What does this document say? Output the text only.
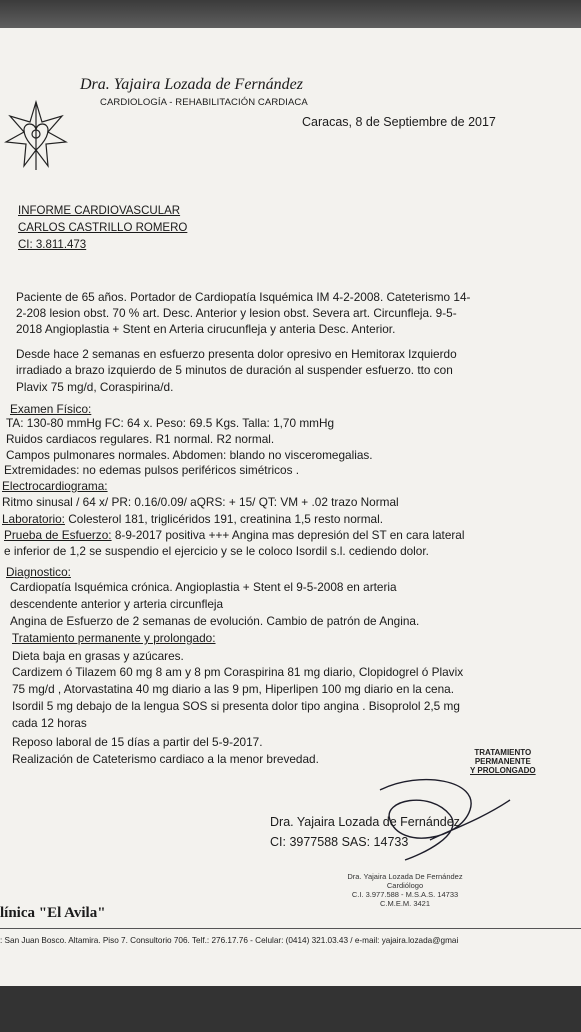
Dra. Yajaira Lozada de Fernández
CARDIOLOGÍA - REHABILITACIÓN CARDIACA
Caracas, 8 de Septiembre de 2017
INFORME CARDIOVASCULAR
CARLOS CASTRILLO ROMERO
CI: 3.811.473
Paciente de 65 años. Portador de Cardiopatía Isquémica IM 4-2-2008. Cateterismo 14-
2-208 lesion obst. 70 % art. Desc. Anterior y lesion obst. Severa art. Circunfleja. 9-5-
2018 Angioplastia + Stent en Arteria cirucunfleja y anteria Desc. Anterior.
Desde hace 2 semanas en esfuerzo presenta dolor opresivo en Hemitorax Izquierdo
irradiado a brazo izquierdo de 5 minutos de duración al suspender esfuerzo. tto con
Plavix 75 mg/d, Coraspirina/d.
Examen Físico:
TA: 130-80 mmHg FC: 64 x. Peso: 69.5 Kgs. Talla: 1,70 mmHg
Ruidos cardiacos regulares. R1 normal. R2 normal.
Campos pulmonares normales. Abdomen: blando no visceromegalias.
Extremidades: no edemas pulsos periféricos simétricos .
Electrocardiograma:
Ritmo sinusal / 64 x/ PR: 0.16/0.09/ aQRS: + 15/ QT: VM + .02 trazo Normal
Laboratorio: Colesterol 181, triglicéridos 191, creatinina 1,5 resto normal.
Prueba de Esfuerzo: 8-9-2017 positiva +++ Angina mas depresión del ST en cara lateral
e inferior de 1,2 se suspendio el ejercicio y se le coloco Isordil s.l. cediendo dolor.
Diagnostico:
Cardiopatía Isquémica crónica. Angioplastia + Stent el 9-5-2008 en arteria
descendente anterior y arteria circunfleja
Angina de Esfuerzo de 2 semanas de evolución. Cambio de patrón de Angina.
Tratamiento permanente y prolongado:
Dieta baja en grasas y azúcares.
Cardizem ó Tilazem 60 mg 8 am y 8 pm Coraspirina 81 mg diario, Clopidogrel ó Plavix
75 mg/d , Atorvastatina 40 mg diario a las 9 pm, Hiperlipen 100 mg diario en la cena.
Isordil 5 mg debajo de la lengua SOS si presenta dolor tipo angina . Bisoprolol 2,5 mg
cada 12 horas
Reposo laboral de 15 días a partir del 5-9-2017.
Realización de Cateterismo cardiaco a la menor brevedad.	TRATAMIENTO
PERMANENTE
Y PROLONGADO
Dra. Yajaira Lozada de Fernández
CI: 3977588 SAS: 14733
Dra. Yajaira Lozada De Fernández
Cardiólogo
C.I. 3.977.588 - M.S.A.S. 14733
C.M.E.M. 3421
línica "El Avila"
: San Juan Bosco. Altamira. Piso 7. Consultorio 706. Telf.: 276.17.76 - Celular: (0414) 321.03.43 / e-mail: yajaira.lozada@gmai
